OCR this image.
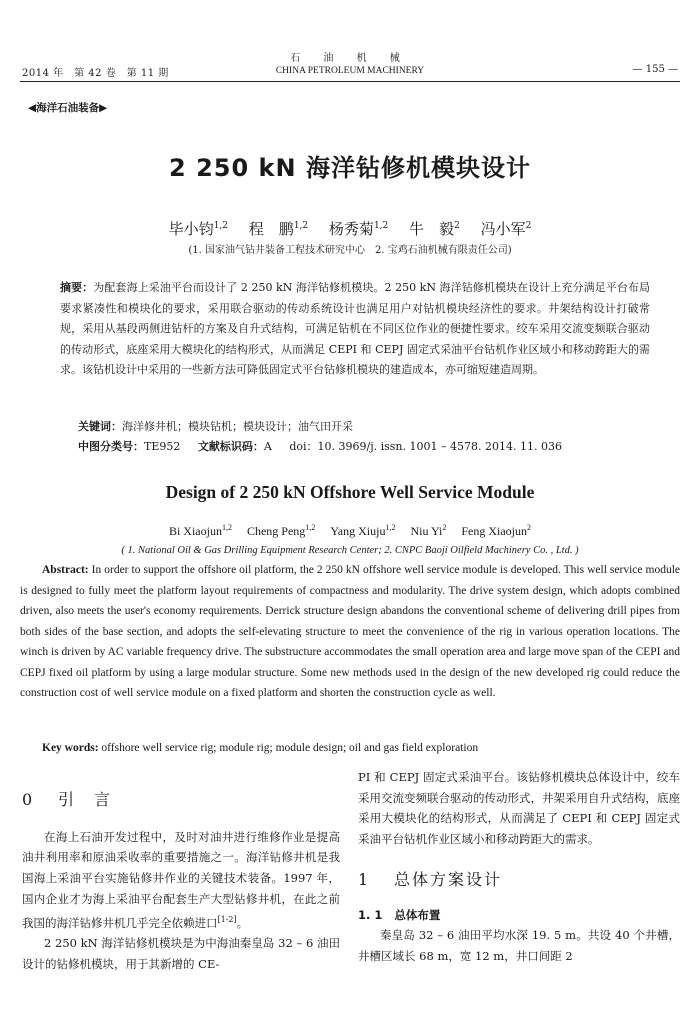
2014 年　第 42 卷　第 11 期
石 油 机 械
CHINA PETROLEUM MACHINERY	— 155 —
◀海洋石油装备▶
2 250 kN 海洋钻修机模块设计
毕小钧$^{1,2}$ 程　鹏$^{1,2}$ 杨秀菊$^{1,2}$ 牛　毅$^2$ 冯小军$^2$
(1. 国家油气钻井装备工程技术研究中心　2. 宝鸡石油机械有限责任公司)
摘要：为配套海上采油平台而设计了 2 250 kN 海洋钻修机模块。2 250 kN 海洋钻修机模块在设计上充分满足平台布局要求紧凑性和模块化的要求，采用联合驱动的传动系统设计也满足用户对钻机模块经济性的要求。井架结构设计打破常规，采用从基段两侧进钻杆的方案及自升式结构，可满足钻机在不同区位作业的便捷性要求。绞车采用交流变频联合驱动的传动形式，底座采用大模块化的结构形式，从而满足 CEPI 和 CEPJ 固定式采油平台钻机作业区域小和移动跨距大的需求。该钻机设计中采用的一些新方法可降低固定式平台钻修机模块的建造成本，亦可缩短建造周期。
关键词：海洋修井机；模块钻机；模块设计；油气田开采
中图分类号：TE952 文献标识码：A doi：10. 3969/j. issn. 1001 – 4578. 2014. 11. 036
Design of 2 250 kN Offshore Well Service Module
Bi Xiaojun$^{1,2}$ Cheng Peng$^{1,2}$ Yang Xiuju$^{1,2}$ Niu Yi$^2$ Feng Xiaojun$^2$
( 1. National Oil & Gas Drilling Equipment Research Center; 2. CNPC Baoji Oilfield Machinery Co. , Ltd. )
Abstract: In order to support the offshore oil platform, the 2 250 kN offshore well service module is developed. This well service module is designed to fully meet the platform layout requirements of compactness and modularity. The drive system design, which adopts combined driven, also meets the user's economy requirements. Derrick structure design abandons the conventional scheme of delivering drill pipes from both sides of the base section, and adopts the self-elevating structure to meet the convenience of the rig in various operation locations. The winch is driven by AC variable frequency drive. The substructure accommodates the small operation area and large move span of the CEPI and CEPJ fixed oil platform by using a large modular structure. Some new methods used in the design of the new developed rig could reduce the construction cost of well service module on a fixed platform and shorten the construction cycle as well.
Key words: offshore well service rig; module rig; module design; oil and gas field exploration
0 引　言

在海上石油开发过程中，及时对油井进行维修作业是提高油井利用率和原油采收率的重要措施之一。海洋钻修井机是我国海上采油平台实施钻修井作业的关键技术装备。1997 年，国内企业才为海上采油平台配套生产大型钻修井机，在此之前我国的海洋钻修井机几乎完全依赖进口[1-2]。

2 250 kN 海洋钻修机模块是为中海油秦皇岛 32 – 6 油田设计的钻修机模块，用于其新增的 CE-

PI 和 CEPJ 固定式采油平台。该钻修机模块总体设计中，绞车采用交流变频联合驱动的传动形式，井架采用自升式结构，底座采用大模块化的结构形式，从而满足了 CEPI 和 CEPJ 固定式采油平台钻机作业区域小和移动跨距大的需求。

1 总体方案设计
1. 1 总体布置

秦皇岛 32 – 6 油田平均水深 19. 5 m。共设 40 个井槽，井槽区域长 68 m，宽 12 m，井口间距 2
